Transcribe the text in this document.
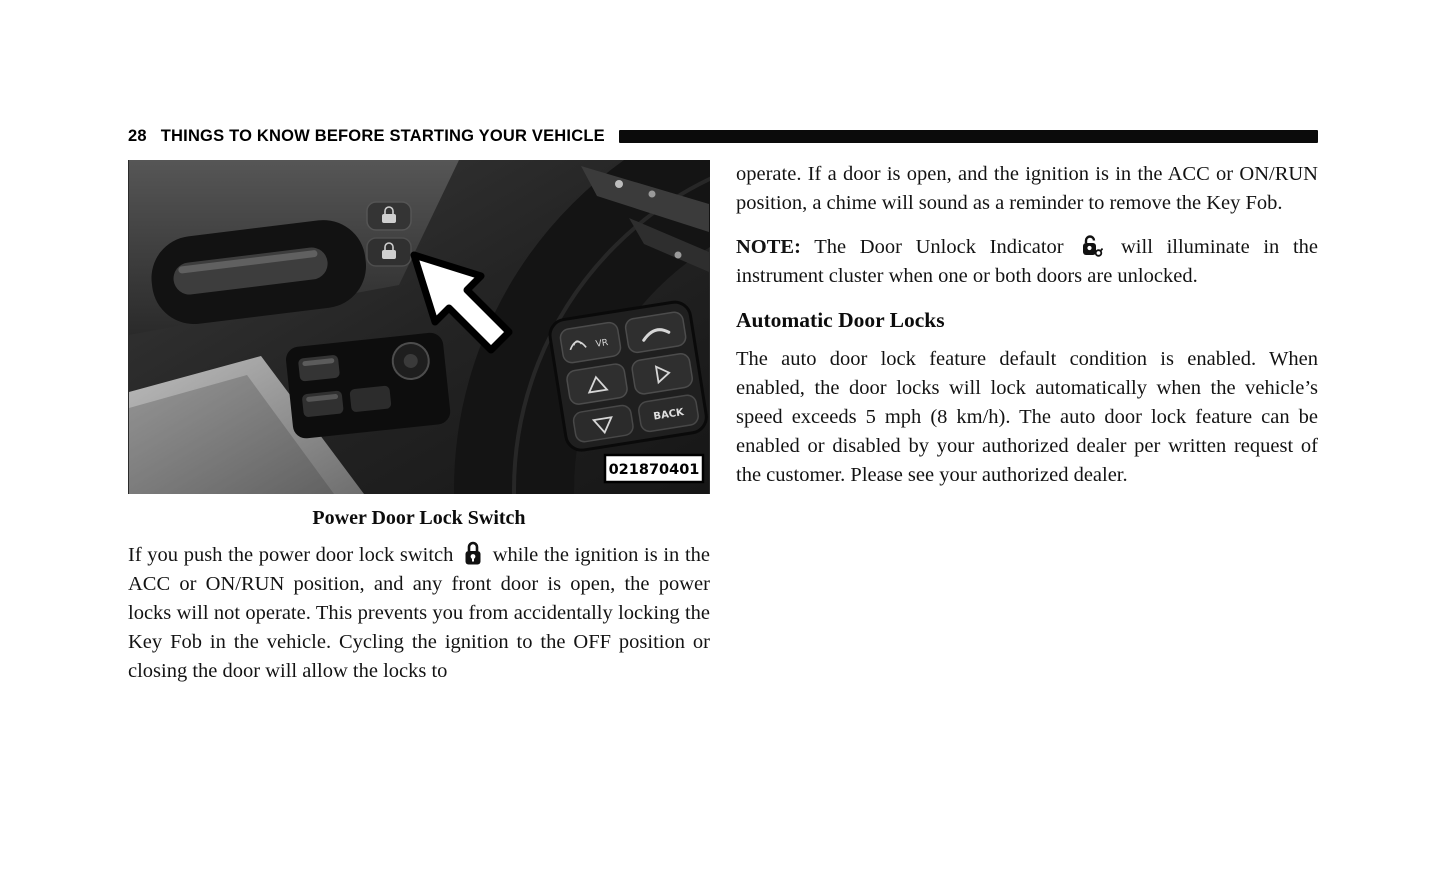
28 THINGS TO KNOW BEFORE STARTING YOUR VEHICLE
VR
BACK
021870401
Power Door Lock Switch

If you push the power door lock switch while the ignition is in the ACC or ON/RUN position, and any front door is open, the power locks will not operate. This prevents you from accidentally locking the Key Fob in the vehicle. Cycling the ignition to the OFF position or closing the door will allow the locks to

operate. If a door is open, and the ignition is in the ACC or ON/RUN position, a chime will sound as a reminder to remove the Key Fob.

NOTE: The Door Unlock Indicator	will illuminate in the instrument cluster when one or both doors are unlocked.

Automatic Door Locks

The auto door lock feature default condition is enabled. When enabled, the door locks will lock automatically when the vehicle’s speed exceeds 5 mph (8 km/h). The auto door lock feature can be enabled or disabled by your authorized dealer per written request of the customer. Please see your authorized dealer.
